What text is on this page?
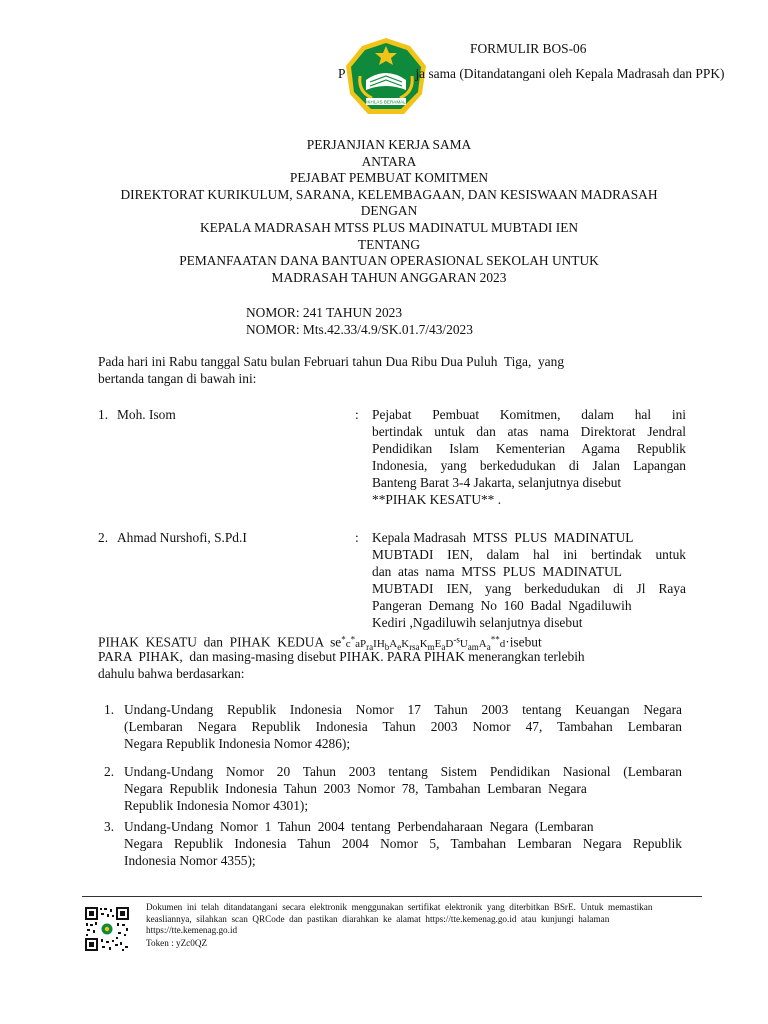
IKHLAS BERAMAL
FORMULIR BOS-06
P	ja sama (Ditandatangani oleh Kepala Madrasah dan PPK)
PERJANJIAN KERJA SAMA
ANTARA
PEJABAT PEMBUAT KOMITMEN
DIREKTORAT KURIKULUM, SARANA, KELEMBAGAAN, DAN KESISWAAN MADRASAH
DENGAN
KEPALA MADRASAH MTSS PLUS MADINATUL MUBTADI IEN
TENTANG
PEMANFAATAN DANA BANTUAN OPERASIONAL SEKOLAH UNTUK
MADRASAH TAHUN ANGGARAN 2023
NOMOR: 241 TAHUN 2023
NOMOR: Mts.42.33/4.9/SK.01.7/43/2023
Pada hari ini Rabu tanggal Satu bulan Februari tahun Dua Ribu Dua Puluh  Tiga,  yang
bertanda tangan di bawah ini:
1. Moh. Isom	: Pejabat Pembuat Komitmen, dalam hal ini
bertindak untuk dan atas nama Direktorat Jendral
Pendidikan Islam Kementerian Agama Republik
Indonesia, yang berkedudukan di Jalan Lapangan
Banteng Barat 3-4 Jakarta, selanjutnya disebut
**PIHAK KESATU** .
2. Ahmad Nurshofi, S.Pd.I	: Kepala Madrasah  MTSS  PLUS  MADINATUL
MUBTADI IEN, dalam hal ini bertindak untuk
dan  atas  nama  MTSS  PLUS  MADINATUL
MUBTADI IEN, yang berkedudukan di Jl Raya
Pangeran  Demang  No  160  Badal  Ngadiluwih
Kediri ,Ngadiluwih selanjutnya disebut
PIHAK  KESATU  dan  PIHAK  KEDUA  $se^*c^*aP_{ra}IH_bA_eK_{rsa}K_mE_aD^{-s}U_{am}A_a^{**}d\cdot isebut$
PARA  PIHAK,  dan masing-masing disebut PIHAK. PARA PIHAK menerangkan terlebih
dahulu bahwa berdasarkan:
1. Undang-Undang Republik Indonesia Nomor 17 Tahun 2003 tentang Keuangan Negara
(Lembaran Negara Republik Indonesia Tahun 2003 Nomor 47, Tambahan Lembaran
Negara Republik Indonesia Nomor 4286);
2. Undang-Undang Nomor 20 Tahun 2003 tentang Sistem Pendidikan Nasional (Lembaran
Negara  Republik  Indonesia  Tahun  2003  Nomor  78,  Tambahan  Lembaran  Negara
Republik Indonesia Nomor 4301);
3. Undang-Undang  Nomor  1  Tahun  2004  tentang  Perbendaharaan  Negara  (Lembaran
Negara Republik Indonesia Tahun 2004 Nomor 5, Tambahan Lembaran Negara Republik
Indonesia Nomor 4355);
Dokumen  ini  telah  ditandatangani  secara  elektronik  menggunakan  sertifikat  elektronik  yang  diterbitkan  BSrE.  Untuk  memastikan
keasliannya,  silahkan  scan  QRCode  dan  pastikan  diarahkan  ke  alamat  https://tte.kemenag.go.id  atau  kunjungi  halaman
https://tte.kemenag.go.id
Token : yZc0QZ
